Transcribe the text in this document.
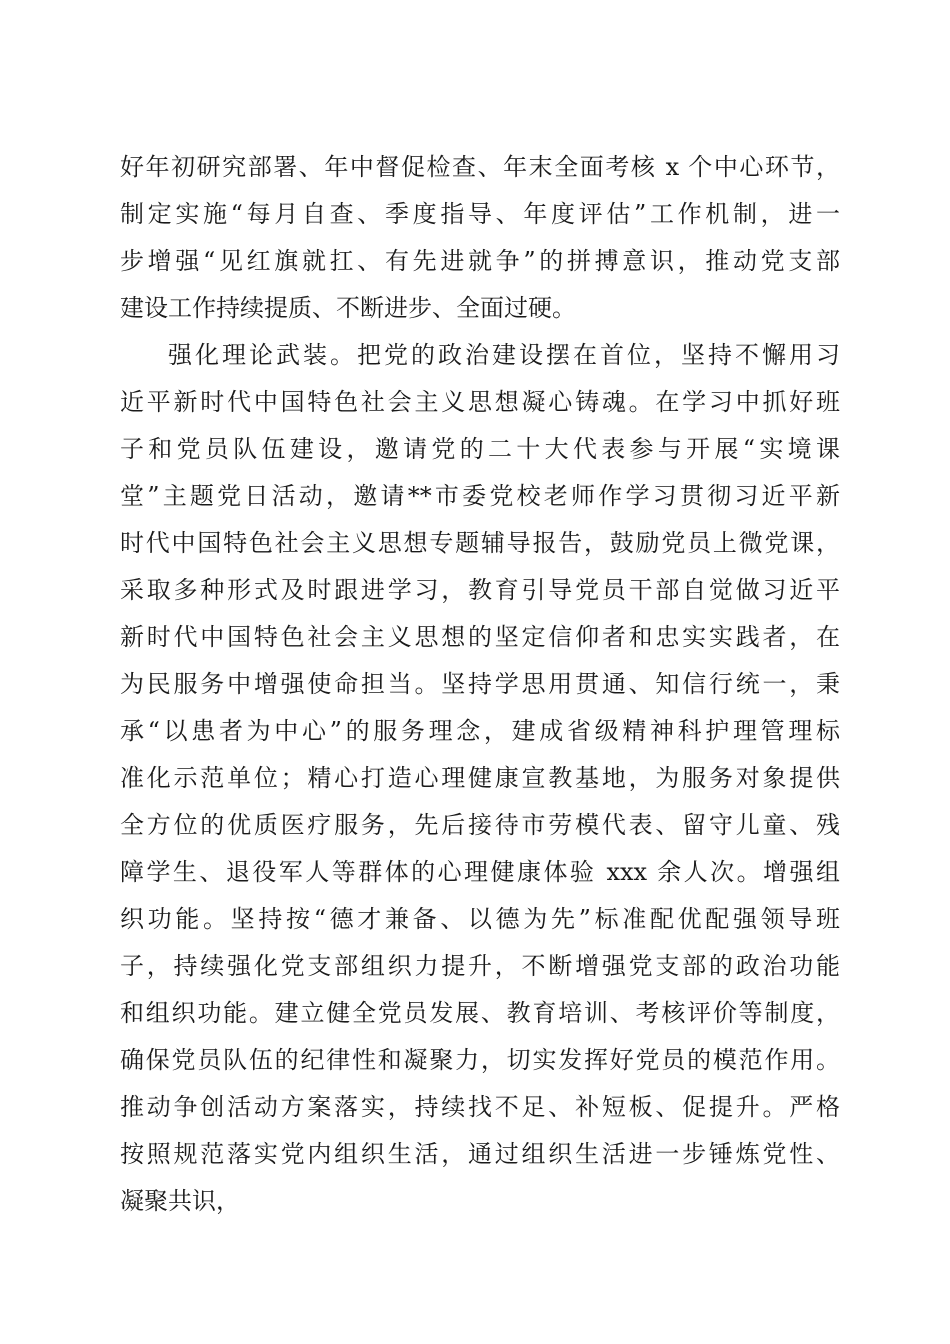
好年初研究部署、年中督促检查、年末全面考核 x 个中心环节，
制定实施“每月自查、季度指导、年度评估”工作机制，进一
步增强“见红旗就扛、有先进就争”的拼搏意识，推动党支部
建设工作持续提质、不断进步、全面过硬。
强化理论武装。把党的政治建设摆在首位，坚持不懈用习
近平新时代中国特色社会主义思想凝心铸魂。在学习中抓好班
子和党员队伍建设，邀请党的二十大代表参与开展“实境课
堂”主题党日活动，邀请**市委党校老师作学习贯彻习近平新
时代中国特色社会主义思想专题辅导报告，鼓励党员上微党课，
采取多种形式及时跟进学习，教育引导党员干部自觉做习近平
新时代中国特色社会主义思想的坚定信仰者和忠实实践者，在
为民服务中增强使命担当。坚持学思用贯通、知信行统一，秉
承“以患者为中心”的服务理念，建成省级精神科护理管理标
准化示范单位；精心打造心理健康宣教基地，为服务对象提供
全方位的优质医疗服务，先后接待市劳模代表、留守儿童、残
障学生、退役军人等群体的心理健康体验 xxx 余人次。增强组
织功能。坚持按“德才兼备、以德为先”标准配优配强领导班
子，持续强化党支部组织力提升，不断增强党支部的政治功能
和组织功能。建立健全党员发展、教育培训、考核评价等制度，
确保党员队伍的纪律性和凝聚力，切实发挥好党员的模范作用。
推动争创活动方案落实，持续找不足、补短板、促提升。严格
按照规范落实党内组织生活，通过组织生活进一步锤炼党性、
凝聚共识，
